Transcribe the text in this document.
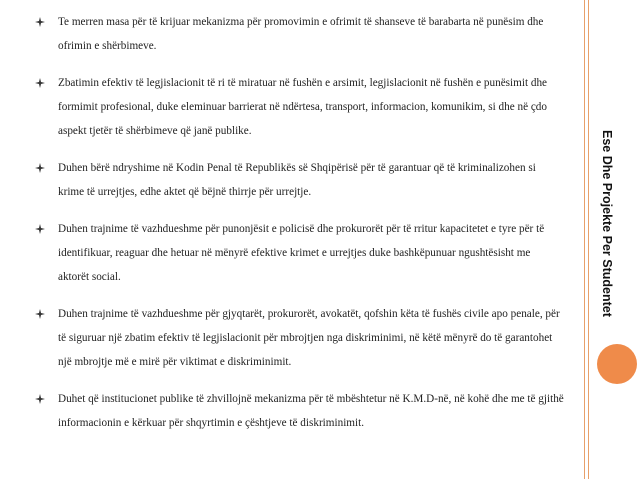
Te merren masa për të krijuar mekanizma për promovimin e ofrimit të shanseve të barabarta në punësim dhe ofrimin e shërbimeve.
Zbatimin efektiv të legjislacionit të ri të miratuar në fushën e arsimit, legjislacionit në fushën e punësimit dhe formimit profesional, duke eleminuar barrierat në ndërtesa, transport, informacion, komunikim, si dhe në çdo aspekt tjetër të shërbimeve që janë publike.
Duhen bërë ndryshime në Kodin Penal të Republikës së Shqipërisë për të garantuar që të kriminalizohen si krime të urrejtjes, edhe aktet që bëjnë thirrje për urrejtje.
Duhen trajnime të vazhdueshme për punonjësit e policisë dhe prokurorët për të rritur kapacitetet e tyre për të identifikuar, reaguar dhe hetuar në mënyrë efektive krimet e urrejtjes duke bashkëpunuar ngushtësisht me aktorët social.
Duhen trajnime të vazhdueshme për gjyqtarët, prokurorët, avokatët, qofshin këta të fushës civile apo penale, për të siguruar një zbatim efektiv të legjislacionit për mbrojtjen nga diskriminimi, në këtë mënyrë do të garantohet një mbrojtje më e mirë për viktimat e diskriminimit.
Duhet që institucionet publike të zhvillojnë mekanizma për të mbështetur në K.M.D-në, në kohë dhe me të gjithë informacionin e kërkuar për shqyrtimin e çështjeve të diskriminimit.
Ese Dhe Projekte Per Studentet
